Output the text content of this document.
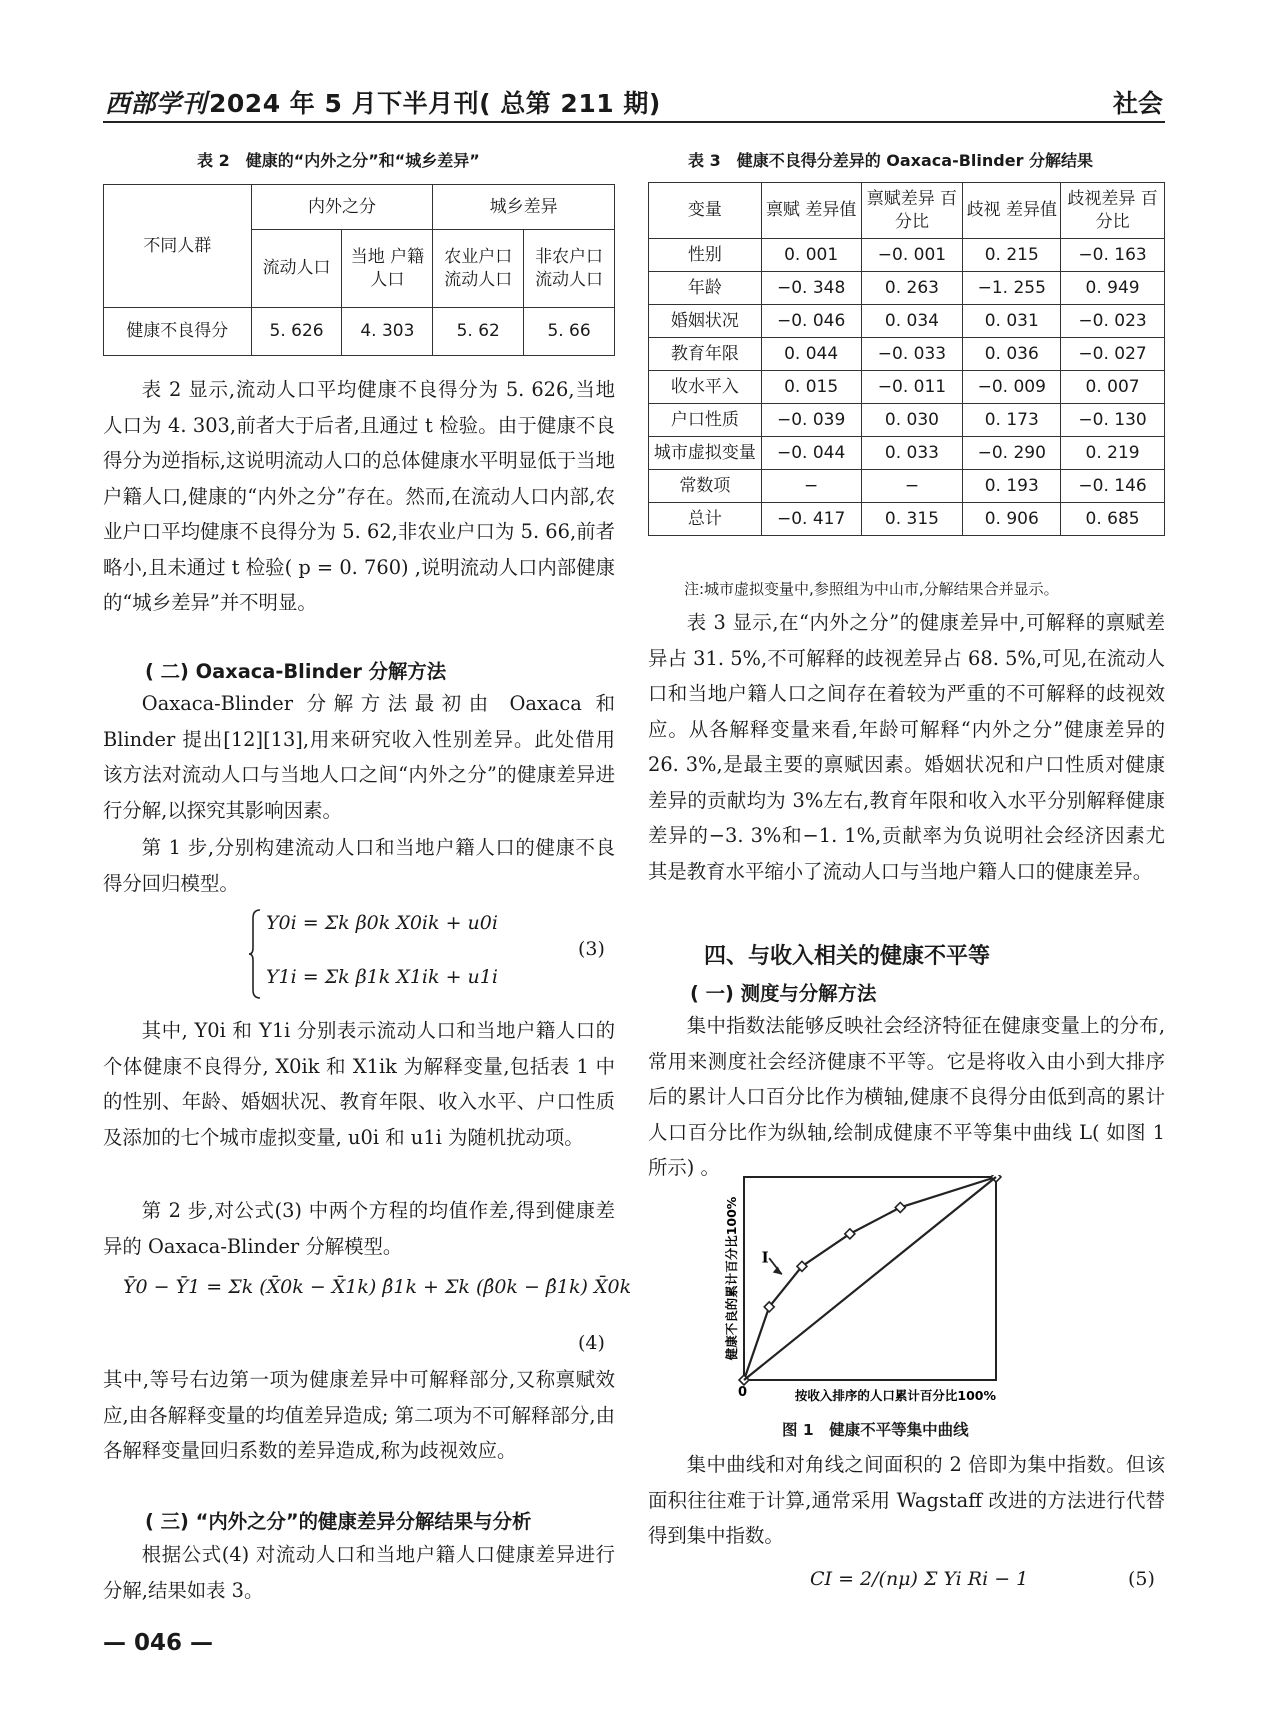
西部学刊2024 年 5 月下半月刊( 总第 211 期)	社会
表 2　健康的“内外之分”和“城乡差异”
不同人群	内外之分		城乡差异	
	流动人口	当地 户籍人口	农业户口 流动人口	非农户口 流动人口
健康不良得分	5. 626	4. 303	5. 62	5. 66
表 2 显示,流动人口平均健康不良得分为 5. 626,当地人口为 4. 303,前者大于后者,且通过 t 检验。由于健康不良得分为逆指标,这说明流动人口的总体健康水平明显低于当地户籍人口,健康的“内外之分”存在。然而,在流动人口内部,农业户口平均健康不良得分为 5. 62,非农业户口为 5. 66,前者略小,且未通过 t 检验( p = 0. 760) ,说明流动人口内部健康的“城乡差异”并不明显。
( 二) Oaxaca-Blinder 分解方法
Oaxaca-Blinder 分解方法最初由 Oaxaca 和 Blinder 提出[12][13],用来研究收入性别差异。此处借用该方法对流动人口与当地人口之间“内外之分”的健康差异进行分解,以探究其影响因素。
第 1 步,分别构建流动人口和当地户籍人口的健康不良得分回归模型。
Y0i = Σk β0k X0ik + u0i
Y1i = Σk β1k X1ik + u1i
(3)
其中, Y0i 和 Y1i 分别表示流动人口和当地户籍人口的个体健康不良得分, X0ik 和 X1ik 为解释变量,包括表 1 中的性别、年龄、婚姻状况、教育年限、收入水平、户口性质及添加的七个城市虚拟变量, u0i 和 u1i 为随机扰动项。
第 2 步,对公式(3) 中两个方程的均值作差,得到健康差异的 Oaxaca-Blinder 分解模型。
Ȳ0 − Ȳ1 = Σk (X̄0k − X̄1k) β̂1k + Σk (β̂0k − β̂1k) X̄0k
(4)
其中,等号右边第一项为健康差异中可解释部分,又称禀赋效应,由各解释变量的均值差异造成; 第二项为不可解释部分,由各解释变量回归系数的差异造成,称为歧视效应。
( 三) “内外之分”的健康差异分解结果与分析
根据公式(4) 对流动人口和当地户籍人口健康差异进行分解,结果如表 3。
表 3　健康不良得分差异的 Oaxaca-Blinder 分解结果
变量	禀赋 差异值	禀赋差异 百分比	歧视 差异值	歧视差异 百分比
性别	0. 001	−0. 001	0. 215	−0. 163
年龄	−0. 348	0. 263	−1. 255	0. 949
婚姻状况	−0. 046	0. 034	0. 031	−0. 023
教育年限	0. 044	−0. 033	0. 036	−0. 027
收水平入	0. 015	−0. 011	−0. 009	0. 007
户口性质	−0. 039	0. 030	0. 173	−0. 130
城市虚拟变量	−0. 044	0. 033	−0. 290	0. 219
常数项	−	−	0. 193	−0. 146
总计	−0. 417	0. 315	0. 906	0. 685
注:城市虚拟变量中,参照组为中山市,分解结果合并显示。
表 3 显示,在“内外之分”的健康差异中,可解释的禀赋差异占 31. 5%,不可解释的歧视差异占 68. 5%,可见,在流动人口和当地户籍人口之间存在着较为严重的不可解释的歧视效应。从各解释变量来看,年龄可解释“内外之分”健康差异的 26. 3%,是最主要的禀赋因素。婚姻状况和户口性质对健康差异的贡献均为 3%左右,教育年限和收入水平分别解释健康差异的−3. 3%和−1. 1%,贡献率为负说明社会经济因素尤其是教育水平缩小了流动人口与当地户籍人口的健康差异。
四、与收入相关的健康不平等
( 一) 测度与分解方法
集中指数法能够反映社会经济特征在健康变量上的分布,常用来测度社会经济健康不平等。它是将收入由小到大排序后的累计人口百分比作为横轴,健康不良得分由低到高的累计人口百分比作为纵轴,绘制成健康不平等集中曲线 L( 如图 1 所示) 。
I
0	按收入排序的人口累计百分比100%
健康不良的累计百分比100%
图 1　健康不平等集中曲线
集中曲线和对角线之间面积的 2 倍即为集中指数。但该面积往往难于计算,通常采用 Wagstaff 改进的方法进行代替得到集中指数。
CI = 2/(nμ) Σ Yi Ri − 1	(5)
— 046 —
